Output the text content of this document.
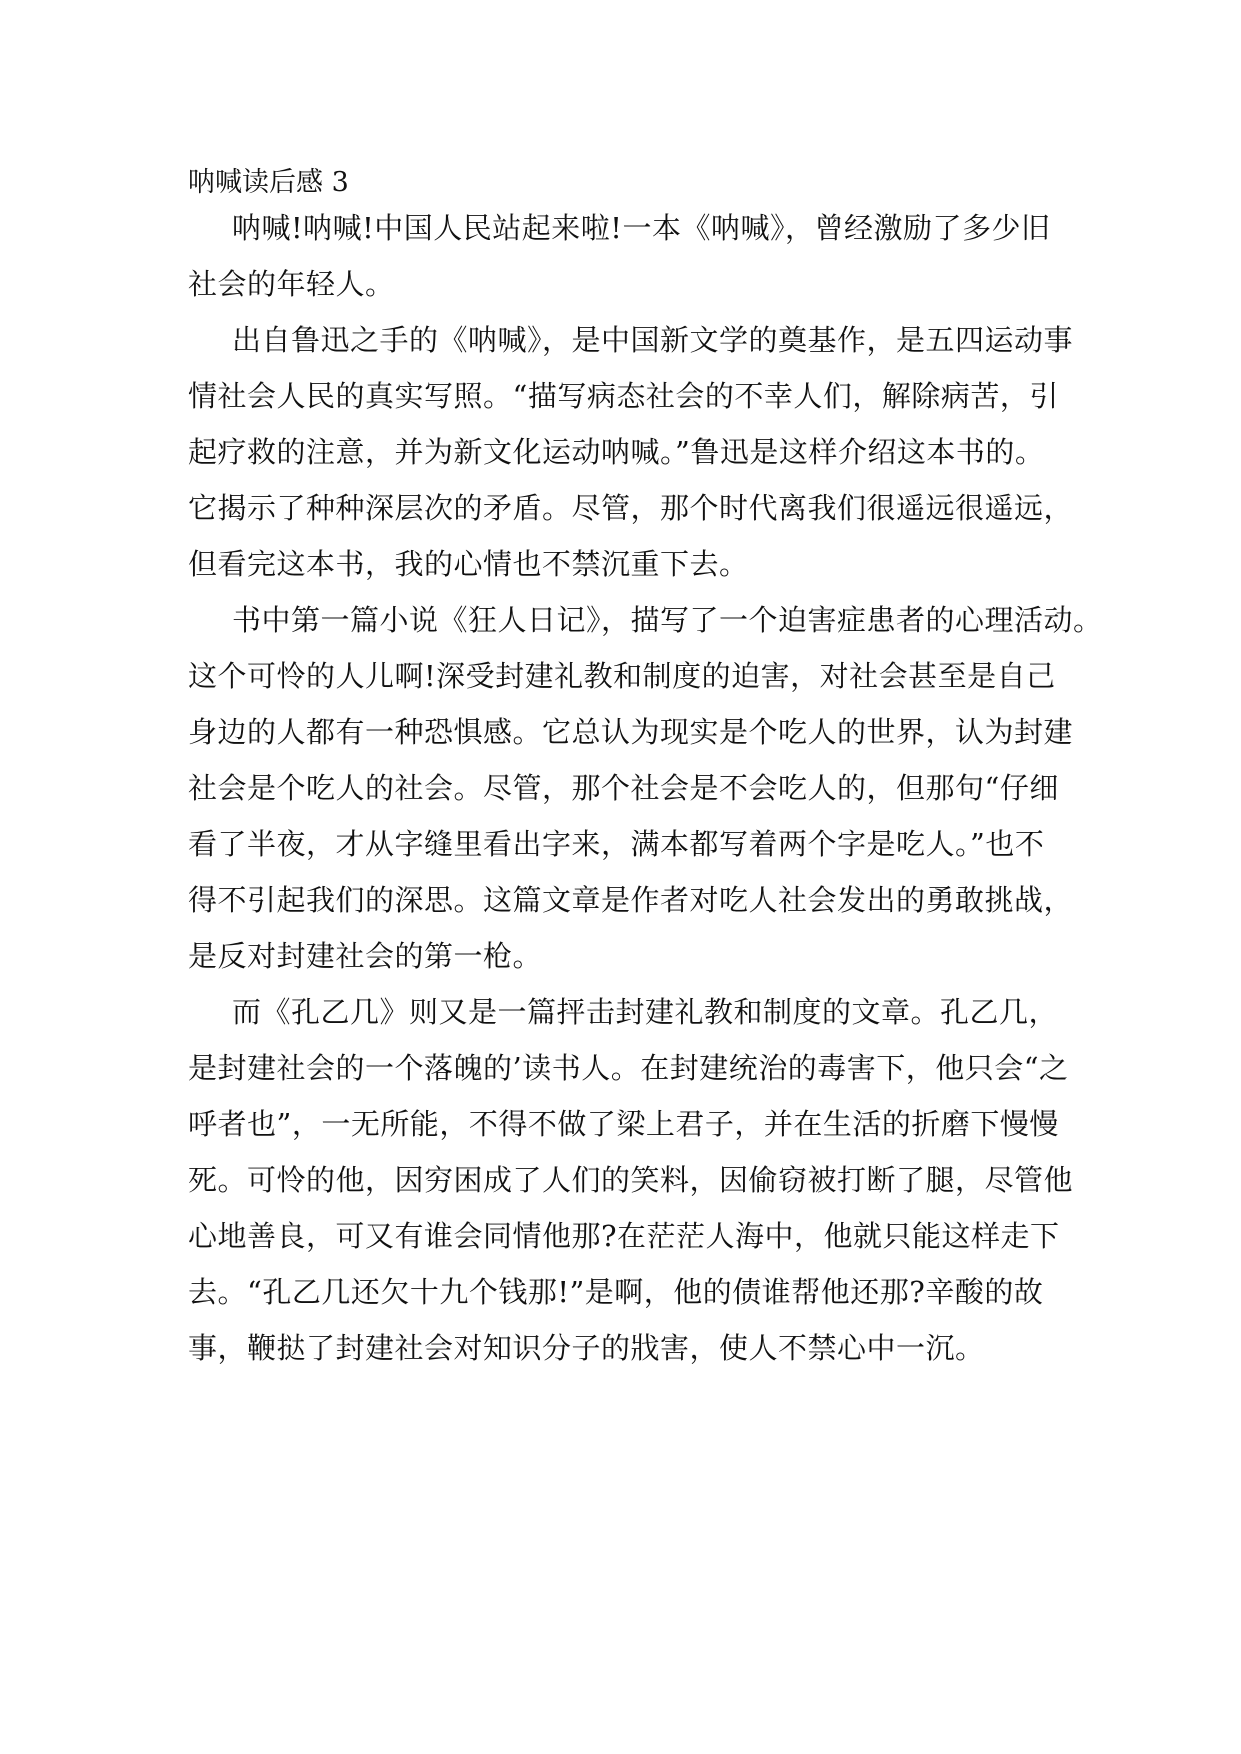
呐喊读后感 3

呐喊!呐喊!中国人民站起来啦!一本《呐喊》，曾经激励了多少旧

社会的年轻人。

出自鲁迅之手的《呐喊》，是中国新文学的奠基作，是五四运动事

情社会人民的真实写照。“描写病态社会的不幸人们，解除病苦，引

起疗救的注意，并为新文化运动呐喊。”鲁迅是这样介绍这本书的。

它揭示了种种深层次的矛盾。尽管，那个时代离我们很遥远很遥远，

但看完这本书，我的心情也不禁沉重下去。

书中第一篇小说《狂人日记》，描写了一个迫害症患者的心理活动。

这个可怜的人儿啊!深受封建礼教和制度的迫害，对社会甚至是自己

身边的人都有一种恐惧感。它总认为现实是个吃人的世界，认为封建

社会是个吃人的社会。尽管，那个社会是不会吃人的，但那句“仔细

看了半夜，才从字缝里看出字来，满本都写着两个字是吃人。”也不

得不引起我们的深思。这篇文章是作者对吃人社会发出的勇敢挑战，

是反对封建社会的第一枪。

而《孔乙几》则又是一篇抨击封建礼教和制度的文章。孔乙几，

是封建社会的一个落魄的’读书人。在封建统治的毒害下，他只会“之

呼者也”，一无所能，不得不做了梁上君子，并在生活的折磨下慢慢

死。可怜的他，因穷困成了人们的笑料，因偷窃被打断了腿，尽管他

心地善良，可又有谁会同情他那?在茫茫人海中，他就只能这样走下

去。“孔乙几还欠十九个钱那!”是啊，他的债谁帮他还那?辛酸的故

事，鞭挞了封建社会对知识分子的戕害，使人不禁心中一沉。
